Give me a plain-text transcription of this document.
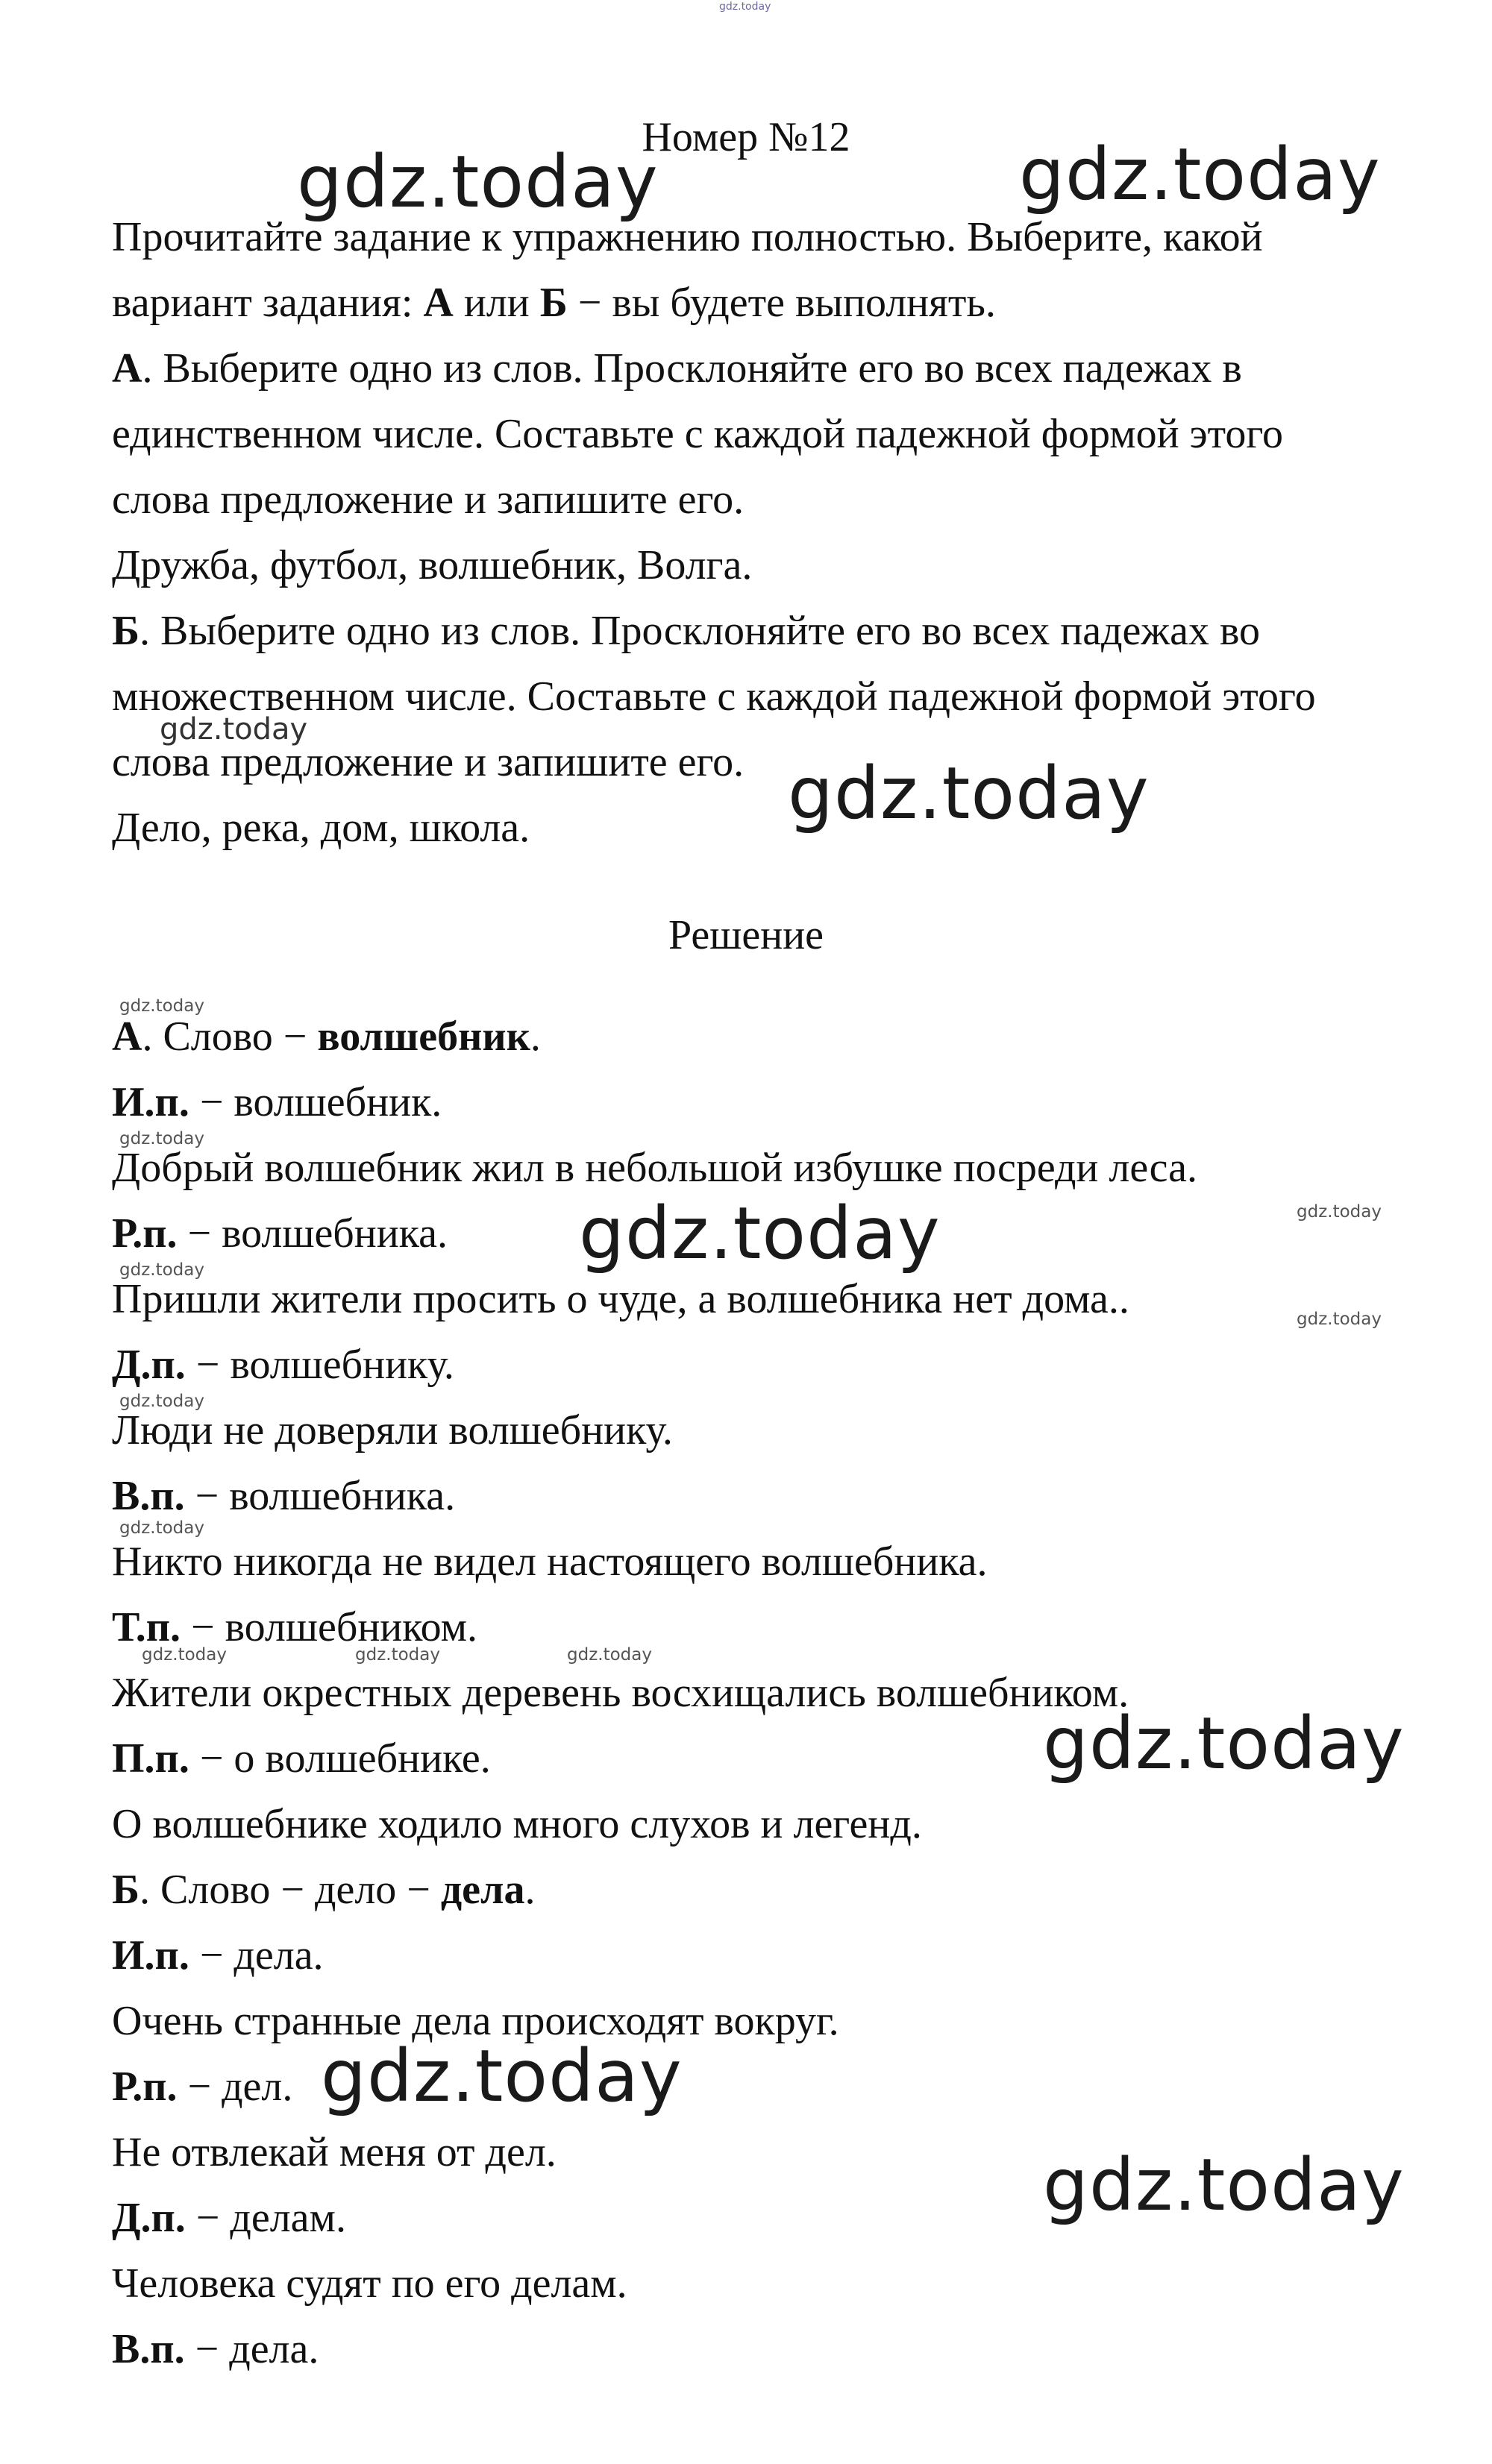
gdz.today

Номер №12

Прочитайте задание к упражнению полностью. Выберите, какой

вариант задания: А или Б − вы будете выполнять.

А. Выберите одно из слов. Просклоняйте его во всех падежах в

единственном числе. Составьте с каждой падежной формой этого

слова предложение и запишите его.

Дружба, футбол, волшебник, Волга.

Б. Выберите одно из слов. Просклоняйте его во всех падежах во

множественном числе. Составьте с каждой падежной формой этого

слова предложение и запишите его.

Дело, река, дом, школа.

Решение

А. Слово − волшебник.

И.п. − волшебник.

Добрый волшебник жил в небольшой избушке посреди леса.

Р.п. − волшебника.

Пришли жители просить о чуде, а волшебника нет дома..

Д.п. − волшебнику.

Люди не доверяли волшебнику.

В.п. − волшебника.

Никто никогда не видел настоящего волшебника.

Т.п. − волшебником.

Жители окрестных деревень восхищались волшебником.

П.п. − о волшебнике.

О волшебнике ходило много слухов и легенд.

Б. Слово − дело − дела.

И.п. − дела.

Очень странные дела происходят вокруг.

Р.п. − дел.

Не отвлекай меня от дел.

Д.п. − делам.

Человека судят по его делам.

В.п. − дела.

gdz.today	gdz.today
gdz.today
gdz.today
gdz.today
gdz.today
gdz.today
gdz.today
gdz.today
gdz.today
gdz.today
gdz.today
gdz.today
gdz.today
gdz.today
gdz.today	gdz.today	gdz.today
